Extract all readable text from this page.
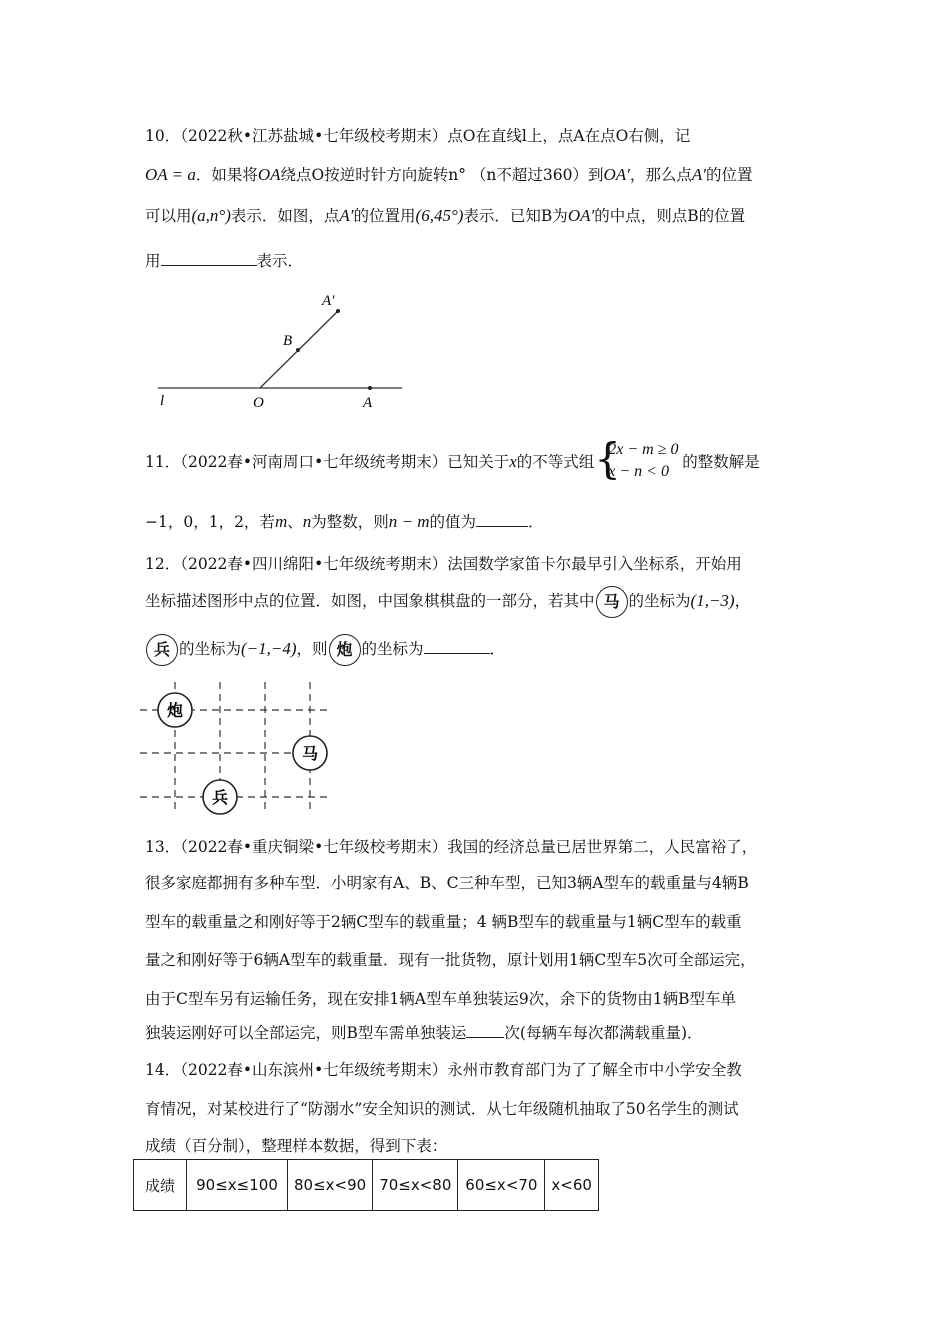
10．（2022秋•江苏盐城•七年级校考期末）点O在直线l上，点A在点O右侧，记
OA = a．如果将OA绕点O按逆时针方向旋转n° （n不超过360）到OA′，那么点A′的位置
可以用(a,n°)表示．如图，点A′的位置用(6,45°)表示．已知B为OA′的中点，则点B的位置
用	表示．
A′
B
O	A
l
11．（2022春•河南周口•七年级统考期末）已知关于x的不等式组 {
2x − m ≥ 0
x − n < 0
的整数解是
−1，0，1，2，若m、n为整数，则n − m的值为	．
12．（2022春•四川绵阳•七年级统考期末）法国数学家笛卡尔最早引入坐标系，开始用
坐标描述图形中点的位置．如图，中国象棋棋盘的一部分，若其中 马 的坐标为(1,−3)，
兵 的坐标为(−1,−4)，则 炮 的坐标为	．
炮
马
兵
13．（2022春•重庆铜梁•七年级校考期末）我国的经济总量已居世界第二，人民富裕了，
很多家庭都拥有多种车型．小明家有A、B、C三种车型，已知3辆A型车的载重量与4辆B
型车的载重量之和刚好等于2辆C型车的载重量；4 辆B型车的载重量与1辆C型车的载重
量之和刚好等于6辆A型车的载重量．现有一批货物，原计划用1辆C型车5次可全部运完，
由于C型车另有运输任务，现在安排1辆A型车单独装运9次，余下的货物由1辆B型车单
独装运刚好可以全部运完，则B型车需单独装运 次(每辆车每次都满载重量)．
14．（2022春•山东滨州•七年级统考期末）永州市教育部门为了了解全市中小学安全教
育情况，对某校进行了“防溺水”安全知识的测试．从七年级随机抽取了50名学生的测试
成绩（百分制），整理样本数据，得到下表：
成绩	90≤x≤100	80≤x<90	70≤x<80	60≤x<70	x<60
